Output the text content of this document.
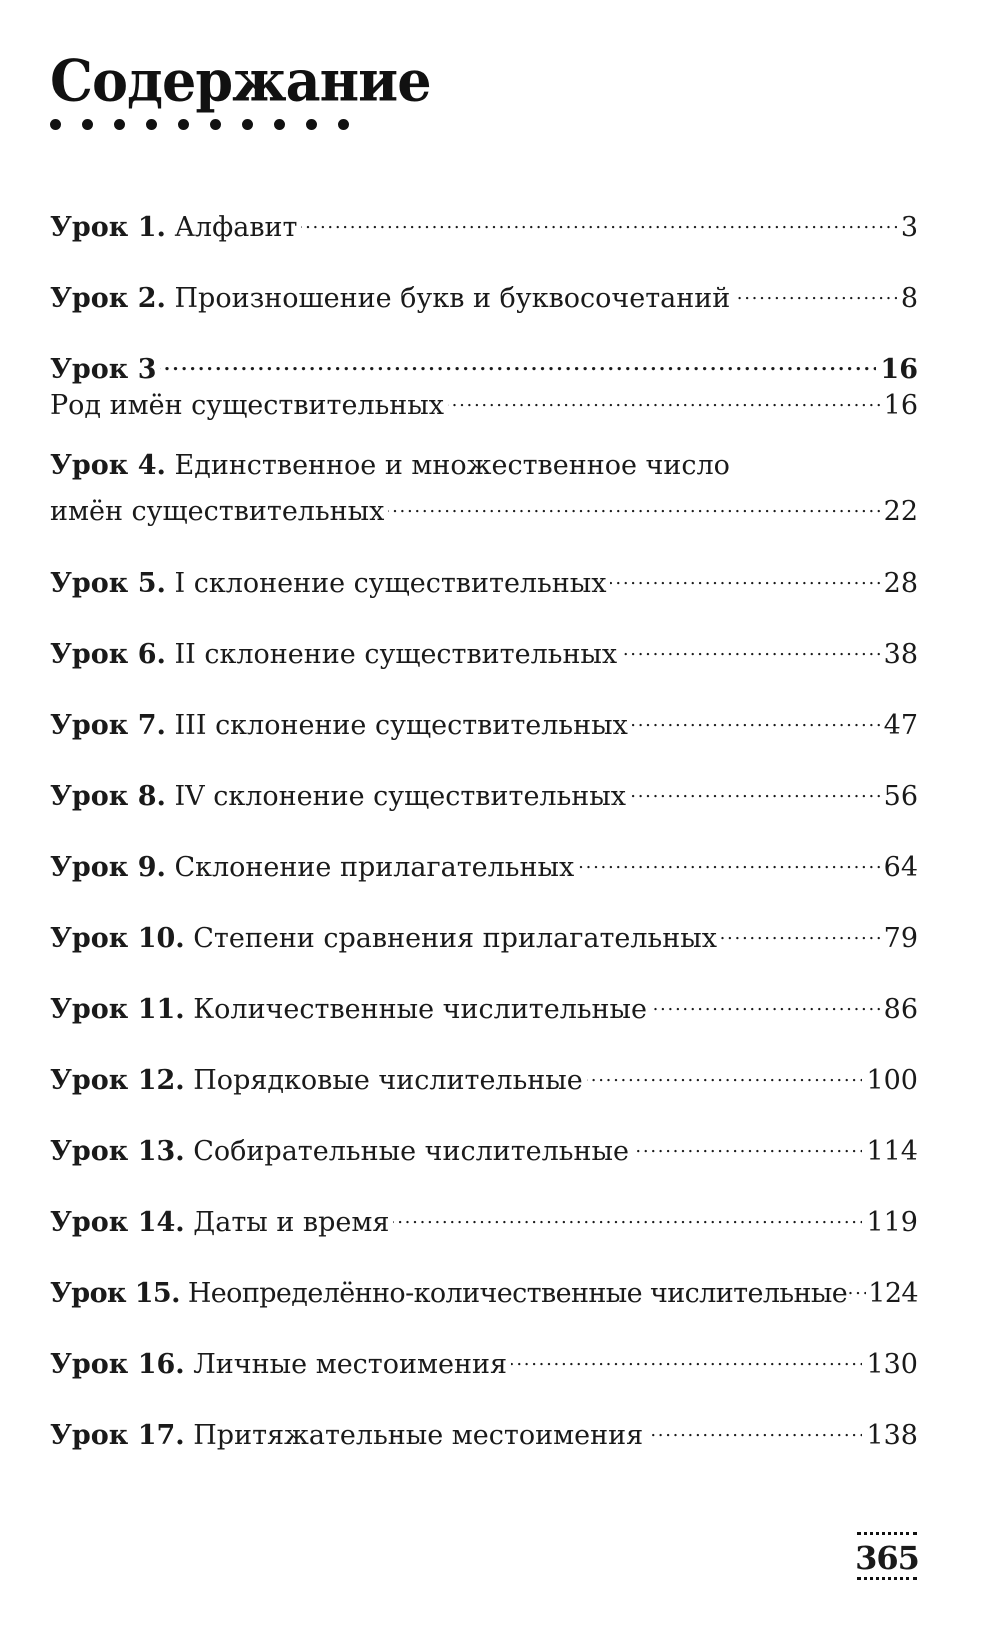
Содержание
Урок 1. Алфавит . . .	3
Урок 2. Произношение букв и буквосочетаний . . .	8
Урок 3 . . .	16
Род имён существительных . . .	16
Урок 4. Единственное и множественное число
имён существительных . . .	22
Урок 5. I склонение существительных . . .	28
Урок 6. II склонение существительных . . .	38
Урок 7. III склонение существительных . . .	47
Урок 8. IV склонение существительных . . .	56
Урок 9. Склонение прилагательных . . .	64
Урок 10. Степени сравнения прилагательных . . .	79
Урок 11. Количественные числительные . . .	86
Урок 12. Порядковые числительные . . .	100
Урок 13. Собирательные числительные . . .	114
Урок 14. Даты и время . . .	119
Урок 15. Неопределённо-количественные числительные . . . 124
Урок 16. Личные местоимения . . .	130
Урок 17. Притяжательные местоимения . . .	138
365
